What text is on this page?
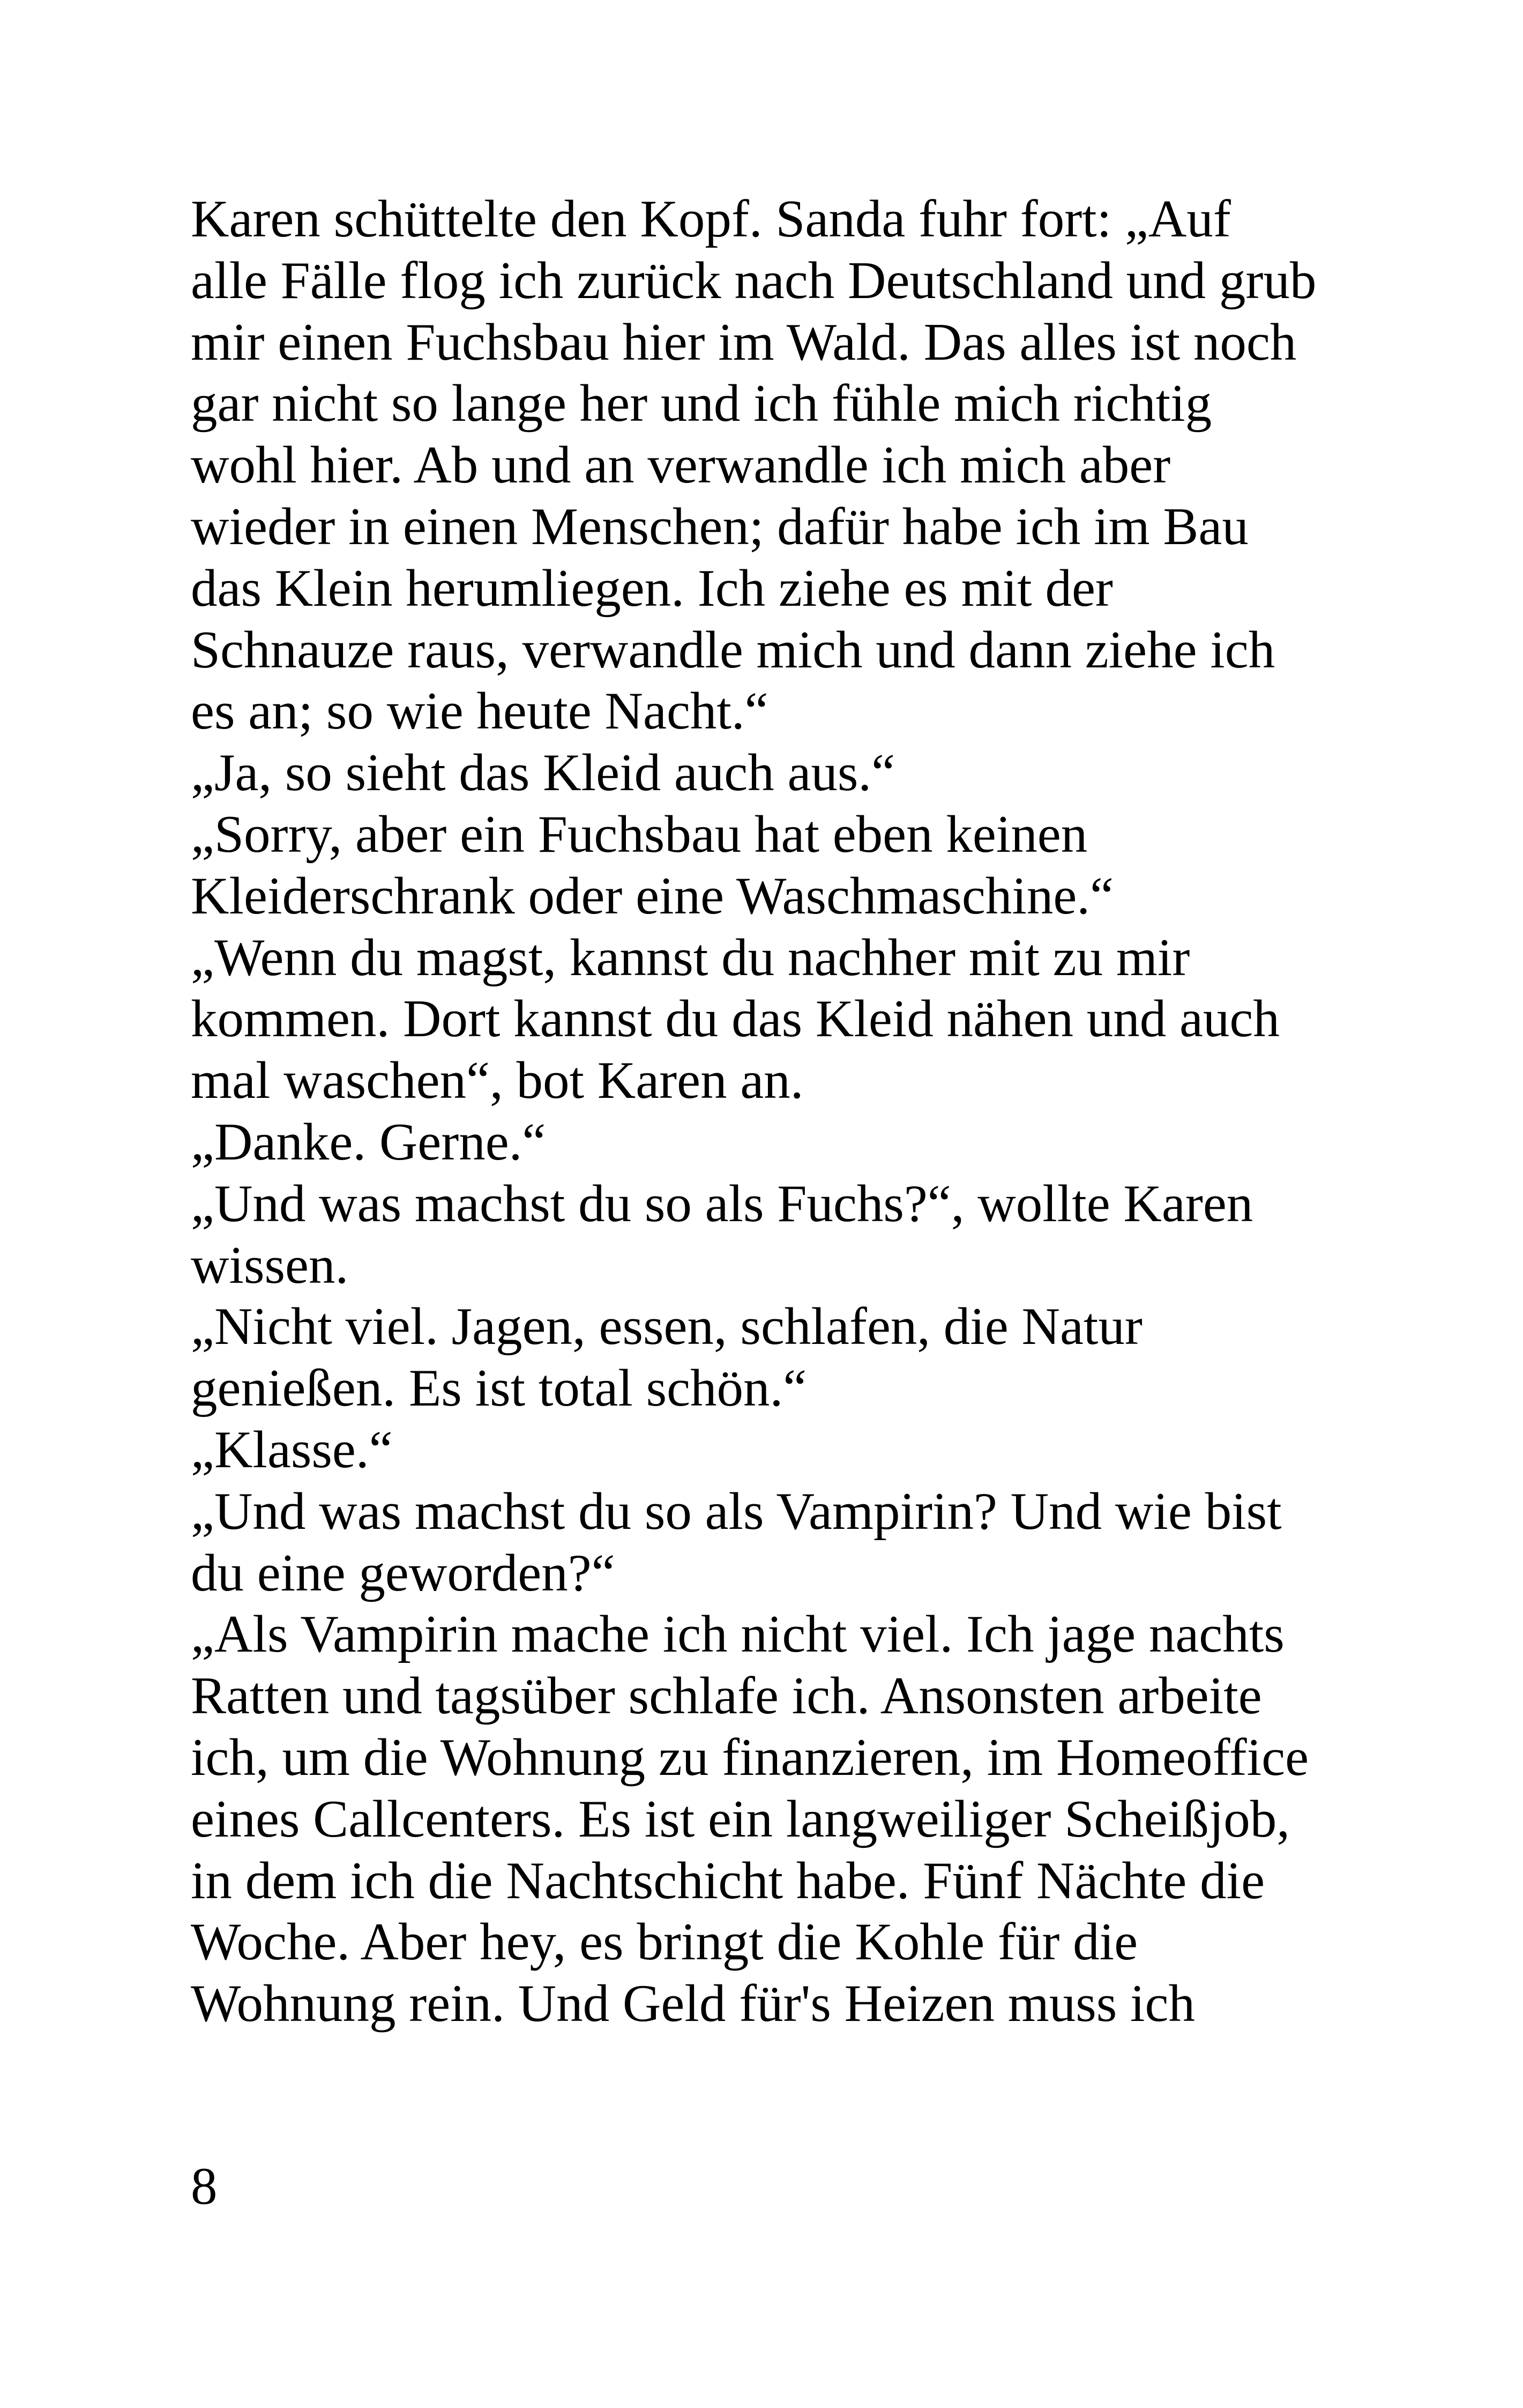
Karen schüttelte den Kopf. Sanda fuhr fort: „Auf
alle Fälle flog ich zurück nach Deutschland und grub
mir einen Fuchsbau hier im Wald. Das alles ist noch
gar nicht so lange her und ich fühle mich richtig
wohl hier. Ab und an verwandle ich mich aber
wieder in einen Menschen; dafür habe ich im Bau
das Klein herumliegen. Ich ziehe es mit der
Schnauze raus, verwandle mich und dann ziehe ich
es an; so wie heute Nacht.“
„Ja, so sieht das Kleid auch aus.“
„Sorry, aber ein Fuchsbau hat eben keinen
Kleiderschrank oder eine Waschmaschine.“
„Wenn du magst, kannst du nachher mit zu mir
kommen. Dort kannst du das Kleid nähen und auch
mal waschen“, bot Karen an.
„Danke. Gerne.“
„Und was machst du so als Fuchs?“, wollte Karen
wissen.
„Nicht viel. Jagen, essen, schlafen, die Natur
genießen. Es ist total schön.“
„Klasse.“
„Und was machst du so als Vampirin? Und wie bist
du eine geworden?“
„Als Vampirin mache ich nicht viel. Ich jage nachts
Ratten und tagsüber schlafe ich. Ansonsten arbeite
ich, um die Wohnung zu finanzieren, im Homeoffice
eines Callcenters. Es ist ein langweiliger Scheißjob,
in dem ich die Nachtschicht habe. Fünf Nächte die
Woche. Aber hey, es bringt die Kohle für die
Wohnung rein. Und Geld für's Heizen muss ich
8
